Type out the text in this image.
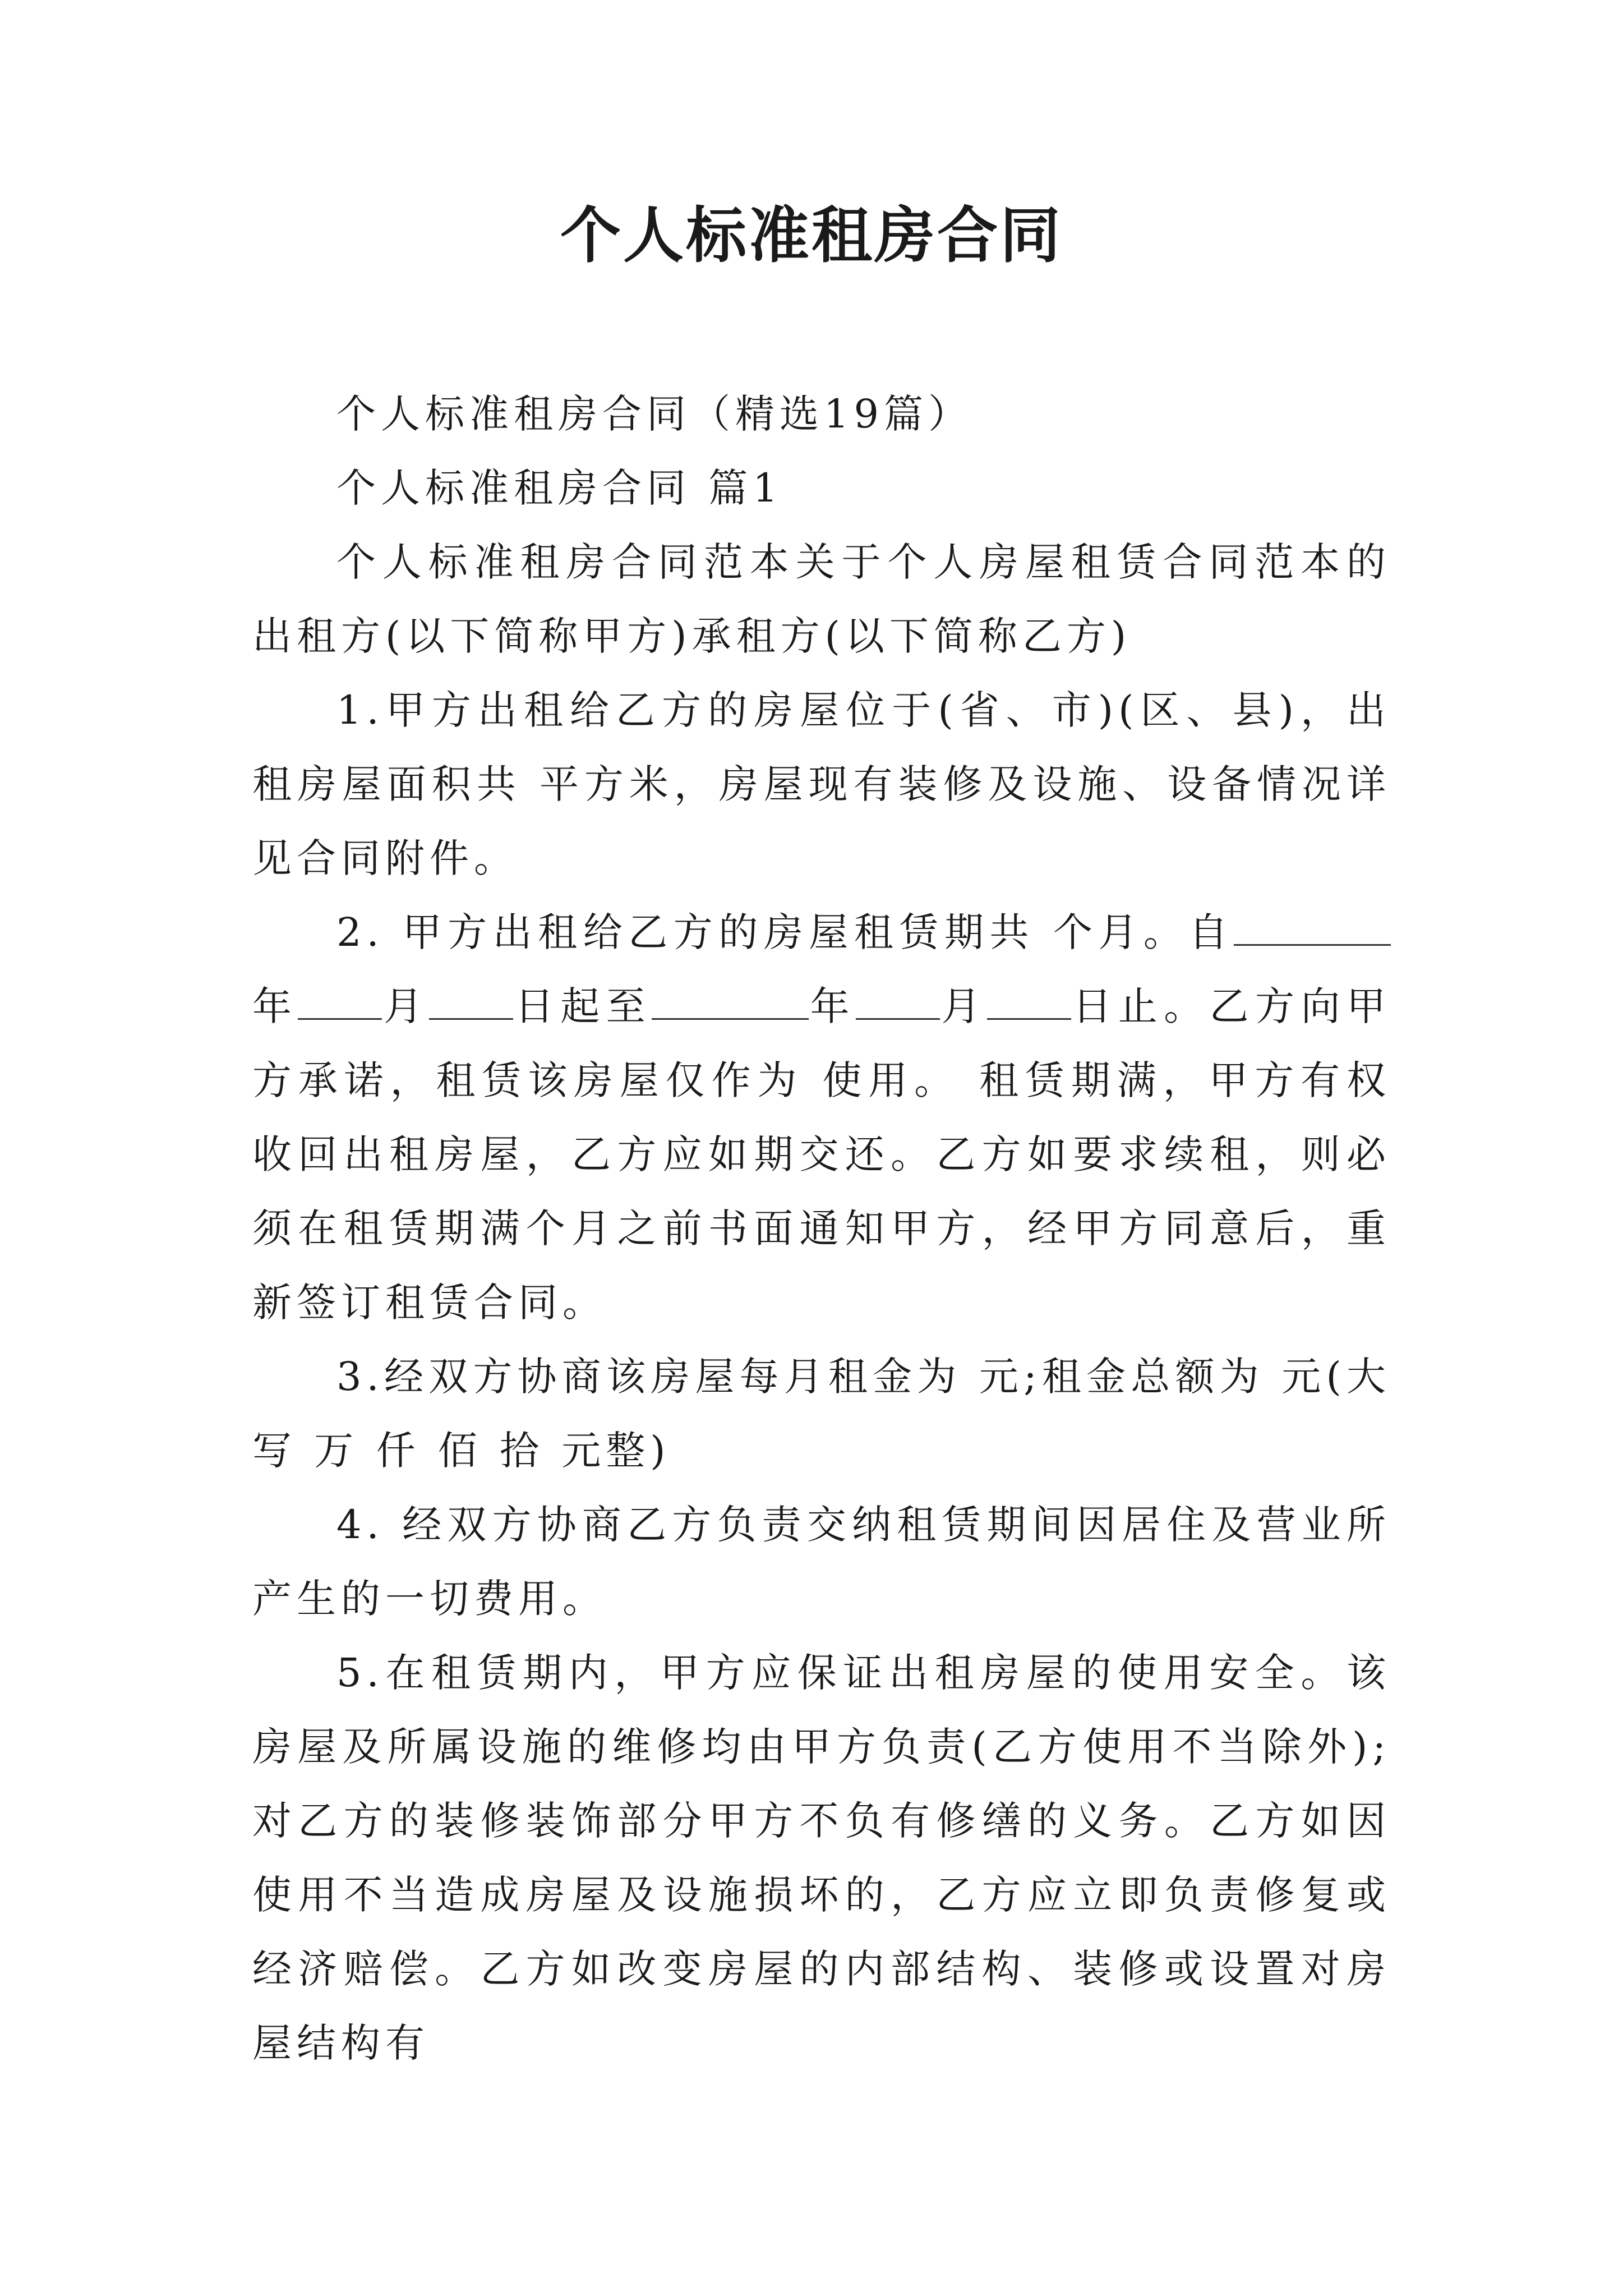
个人标准租房合同

个人标准租房合同（精选19篇）

个人标准租房合同 篇1

个人标准租房合同范本关于个人房屋租赁合同范本的出租方(以下简称甲方)承租方(以下简称乙方)

1.甲方出租给乙方的房屋位于(省、市)(区、县)，出租房屋面积共 平方米，房屋现有装修及设施、设备情况详见合同附件。

2. 甲方出租给乙方的房屋租赁期共 个月。自年 月 日起至	年 月 日止。乙方向甲方承诺，租赁该房屋仅作为 使用。 租赁期满，甲方有权收回出租房屋，乙方应如期交还。乙方如要求续租，则必须在租赁期满个月之前书面通知甲方，经甲方同意后，重新签订租赁合同。

3.经双方协商该房屋每月租金为 元;租金总额为 元(大写 万 仟 佰 拾 元整)

4. 经双方协商乙方负责交纳租赁期间因居住及营业所产生的一切费用。

5.在租赁期内，甲方应保证出租房屋的使用安全。该房屋及所属设施的维修均由甲方负责(乙方使用不当除外);对乙方的装修装饰部分甲方不负有修缮的义务。乙方如因使用不当造成房屋及设施损坏的，乙方应立即负责修复或经济赔偿。乙方如改变房屋的内部结构、装修或设置对房屋结构有
